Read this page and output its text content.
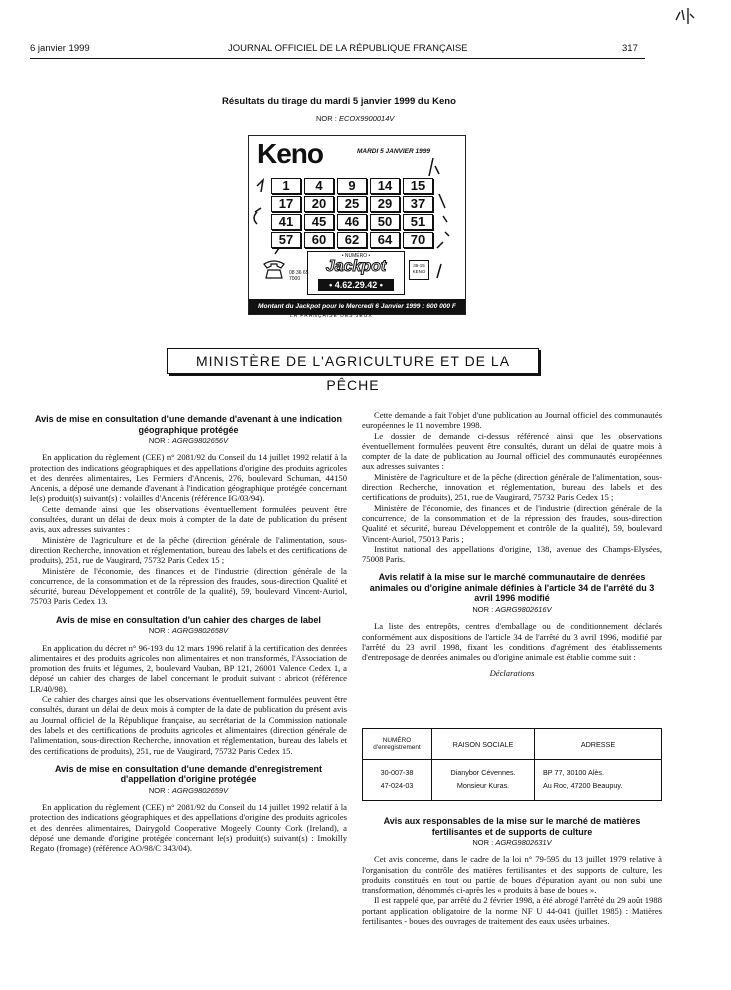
6 janvier 1999	JOURNAL OFFICIEL DE LA RÉPUBLIQUE FRANÇAISE	317
Résultats du tirage du mardi 5 janvier 1999 du Keno
NOR : ECOX9900014V
Keno	MARDI 5 JANVIER 1999
1	4	9	14	15
17	20	25	29	37
41	45	46	50	51
57	60	62	64	70
08 36 65
7000
• NUMÉRO •
Jackpot
• 4.62.29.42 •
36-15
KENO
Montant du Jackpot pour le Mercredi 6 Janvier 1999 : 600 000 F
LA FRANÇAISE DES JEUX
MINISTÈRE DE L'AGRICULTURE ET DE LA PÊCHE

Avis de mise en consultation d'une demande d'avenant à une indication géographique protégée

NOR : AGRG9802656V

En application du règlement (CEE) n° 2081/92 du Conseil du 14 juillet 1992 relatif à la protection des indications géographiques et des appellations d'origine des produits agricoles et des denrées alimentaires, Les Fermiers d'Ancenis, 276, boulevard Schuman, 44150 Ancenis, a déposé une demande d'avenant à l'indication géographique protégée concernant le(s) produit(s) suivant(s) : volailles d'Ancenis (référence IG/03/94).

Cette demande ainsi que les observations éventuellement formulées peuvent être consultées, durant un délai de deux mois à compter de la date de publication du présent avis, aux adresses suivantes :

Ministère de l'agriculture et de la pêche (direction générale de l'alimentation, sous-direction Recherche, innovation et réglementation, bureau des labels et des certifications de produits), 251, rue de Vaugirard, 75732 Paris Cedex 15 ;

Ministère de l'économie, des finances et de l'industrie (direction générale de la concurrence, de la consommation et de la répression des fraudes, sous-direction Qualité et sécurité, bureau Développement et contrôle de la qualité), 59, boulevard Vincent-Auriol, 75703 Paris Cedex 13.

Avis de mise en consultation d'un cahier des charges de label

NOR : AGRG9802658V

En application du décret n° 96-193 du 12 mars 1996 relatif à la certification des denrées alimentaires et des produits agricoles non alimentaires et non transformés, l'Association de promotion des fruits et légumes, 2, boulevard Vauban, BP 121, 26001 Valence Cedex 1, a déposé un cahier des charges de label concernant le produit suivant : abricot (référence LR/40/98).

Ce cahier des charges ainsi que les observations éventuellement formulées peuvent être consultés, durant un délai de deux mois à compter de la date de publication du présent avis au Journal officiel de la République française, au secrétariat de la Commission nationale des labels et des certifications de produits agricoles et alimentaires (direction générale de l'alimentation, sous-direction Recherche, innovation et réglementation, bureau des labels et des certifications de produits), 251, rue de Vaugirard, 75732 Paris Cedex 15.

Avis de mise en consultation d'une demande d'enregistrement d'appellation d'origine protégée

NOR : AGRG9802659V

En application du règlement (CEE) n° 2081/92 du Conseil du 14 juillet 1992 relatif à la protection des indications géographiques et des appellations d'origine des produits agricoles et des denrées alimentaires, Dairygold Cooperative Mogeely County Cork (Ireland), a déposé une demande d'origine protégée concernant le(s) produit(s) suivant(s) : Imokilly Regato (fromage) (référence AO/98/C 343/04).

Cette demande a fait l'objet d'une publication au Journal officiel des communautés européennes le 11 novembre 1998.

Le dossier de demande ci-dessus référencé ainsi que les observations éventuellement formulées peuvent être consultés, durant un délai de quatre mois à compter de la date de publication au Journal officiel des communautés européennes aux adresses suivantes :

Ministère de l'agriculture et de la pêche (direction générale de l'alimentation, sous-direction Recherche, innovation et réglementation, bureau des labels et des certifications de produits), 251, rue de Vaugirard, 75732 Paris Cedex 15 ;

Ministère de l'économie, des finances et de l'industrie (direction générale de la concurrence, de la consommation et de la répression des fraudes, sous-direction Qualité et sécurité, bureau Développement et contrôle de la qualité), 59, boulevard Vincent-Auriol, 75013 Paris ;

Institut national des appellations d'origine, 138, avenue des Champs-Elysées, 75008 Paris.

Avis relatif à la mise sur le marché communautaire de denrées animales ou d'origine animale définies à l'article 34 de l'arrêté du 3 avril 1996 modifié

NOR : AGRG9802616V

La liste des entrepôts, centres d'emballage ou de conditionnement déclarés conformément aux dispositions de l'article 34 de l'arrêté du 3 avril 1996, modifié par l'arrêté du 23 avril 1998, fixant les conditions d'agrément des établissements d'entreposage de denrées animales ou d'origine animale est établie comme suit :

Déclarations

NUMÉRO d'enregistrement	RAISON SOCIALE	ADRESSE
30-007-38	Dianybor Cévennes.	BP 77, 30100 Alès.
47-024-03	Monsieur Kuras.	Au Roc, 47200 Beaupuy.

Avis aux responsables de la mise sur le marché de matières fertilisantes et de supports de culture

NOR : AGRG9802631V

Cet avis concerne, dans le cadre de la loi n° 79-595 du 13 juillet 1979 relative à l'organisation du contrôle des matières fertilisantes et des supports de culture, les produits constitués en tout ou partie de boues d'épuration ayant ou non subi une transformation, dénommés ci-après les « produits à base de boues ».

Il est rappelé que, par arrêté du 2 février 1998, a été abrogé l'arrêté du 29 août 1988 portant application obligatoire de la norme NF U 44-041 (juillet 1985) : Matières fertilisantes - boues des ouvrages de traitement des eaux usées urbaines.
